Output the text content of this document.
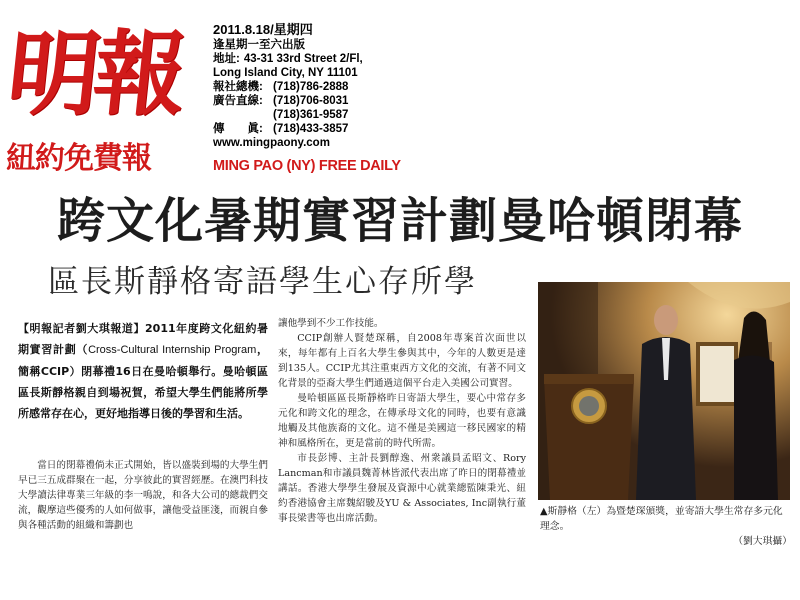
明報
紐約免費報
2011.8.18/星期四
逢星期一至六出版
地址: 43-31 33rd Street 2/Fl,
Long Island City, NY 11101
報社總機: (718)786-2888
廣告直線: (718)706-8031
(718)361-9587
傳　　眞: (718)433-3857
www.mingpaony.com
MING PAO (NY) FREE DAILY
跨文化暑期實習計劃曼哈頓閉幕
區長斯靜格寄語學生心存所學
【明報記者劉大琪報道】2011年度跨文化紐約暑期實習計劃（Cross-Cultural Internship Program，簡稱CCIP）閉幕禮16日在曼哈頓舉行。曼哈頓區區長斯靜格親自到場祝賀，希望大學生們能將所學所感常存在心，更好地指導日後的學習和生活。

當日的閉幕禮倘未正式開始，皆以盛裝到場的大學生們早已三五成群聚在一起，分享彼此的實習經歷。在澳門科技大學讀法律專業三年級的李一鳴說，和各大公司的總裁們交流，觀摩這些優秀的人如何做事，讓他受益匪淺，而親自參與各種活動的組織和籌劃也

讓他學到不少工作技能。

CCIP創辦人賢楚琛稱，自2008年專案首次面世以來，每年都有上百名大學生參與其中，今年的人數更是達到135人。CCIP尤其注重東西方文化的交流，有著不同文化背景的亞裔大學生們通過這個平台走入美國公司實習。

曼哈頓區區長斯靜格昨日寄語大學生，要心中常存多元化和跨文化的理念，在傳承母文化的同時，也要有意識地觸及其他族裔的文化。這不僅是美國這一移民國家的精神和風格所在，更是當前的時代所需。

市長彭博、主計長劉醇逸、州衆議員孟昭文、Rory Lancman和市議員魏菁林皆派代表出席了昨日的閉幕禮並講話。香港大學學生發展及資源中心就業總監陳秉光、紐約香港協會主席魏紹駿及YU & Associates, Inc副執行董事長梁書等也出席活動。

▲斯靜格（左）為暨楚琛頒獎，並寄語大學生常存多元化理念。
（劉大琪攝）
